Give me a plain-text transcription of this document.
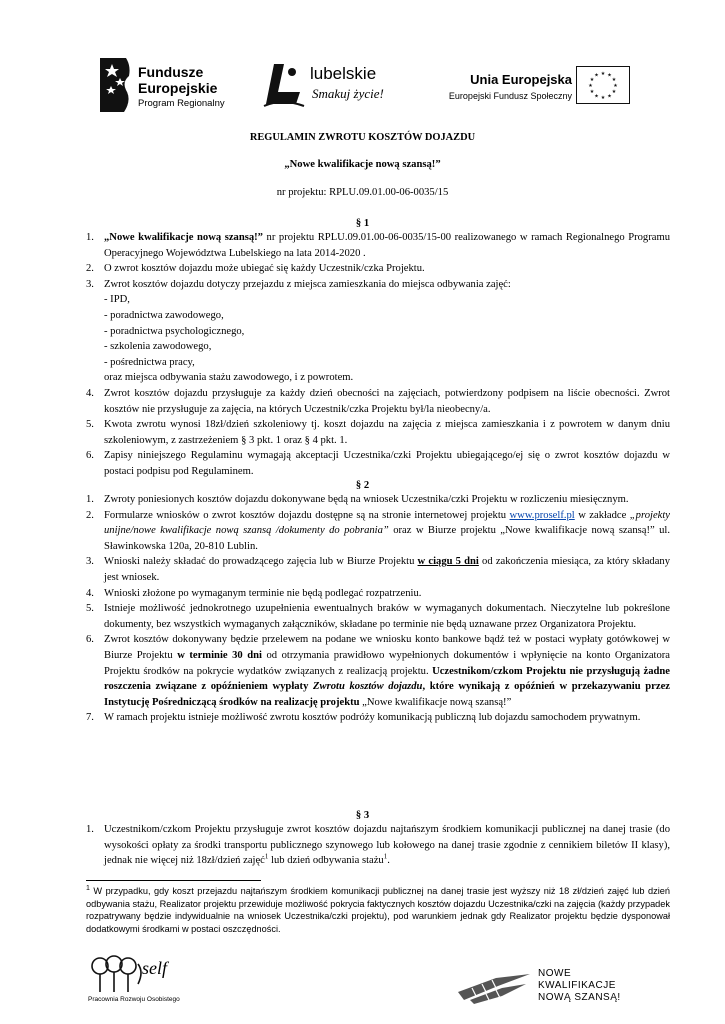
Fundusze
Europejskie
Program Regionalny
lubelskie
Smakuj życie!
Unia Europejska
Europejski Fundusz Społeczny
★ ★
★
★
★
★
★
★
★
★
★
★
REGULAMIN ZWROTU KOSZTÓW DOJAZDU
„Nowe kwalifikacje nową szansą!”
nr projektu: RPLU.09.01.00-06-0035/15
§ 1
1. „Nowe kwalifikacje nową szansą!” nr projektu RPLU.09.01.00-06-0035/15-00 realizowanego w ramach Regionalnego Programu Operacyjnego Województwa Lubelskiego na lata 2014-2020 .
2. O zwrot kosztów dojazdu może ubiegać się każdy Uczestnik/czka Projektu.
3. Zwrot kosztów dojazdu dotyczy przejazdu z miejsca zamieszkania do miejsca odbywania zajęć:
- IPD,
- poradnictwa zawodowego,
- poradnictwa psychologicznego,
- szkolenia zawodowego,
- pośrednictwa pracy,
oraz miejsca odbywania stażu zawodowego, i z powrotem.
4. Zwrot kosztów dojazdu przysługuje za każdy dzień obecności na zajęciach, potwierdzony podpisem na liście obecności. Zwrot kosztów nie przysługuje za zajęcia, na których Uczestnik/czka Projektu był/la nieobecny/a.
5. Kwota zwrotu wynosi 18zł/dzień szkoleniowy tj. koszt dojazdu na zajęcia z miejsca zamieszkania i z powrotem w danym dniu szkoleniowym, z zastrzeżeniem § 3 pkt. 1 oraz § 4 pkt. 1.
6. Zapisy niniejszego Regulaminu wymagają akceptacji Uczestnika/czki Projektu ubiegającego/ej się o zwrot kosztów dojazdu w postaci podpisu pod Regulaminem.
§ 2
1. Zwroty poniesionych kosztów dojazdu dokonywane będą na wniosek Uczestnika/czki Projektu w rozliczeniu miesięcznym.
2. Formularze wniosków o zwrot kosztów dojazdu dostępne są na stronie internetowej projektu www.proself.pl w zakładce „projekty unijne/nowe kwalifikacje nową szansą /dokumenty do pobrania” oraz w Biurze projektu „Nowe kwalifikacje nową szansą!” ul. Sławinkowska 120a, 20-810 Lublin.
3. Wnioski należy składać do prowadzącego zajęcia lub w Biurze Projektu w ciągu 5 dni od zakończenia miesiąca, za który składany jest wniosek.
4. Wnioski złożone po wymaganym terminie nie będą podlegać rozpatrzeniu.
5. Istnieje możliwość jednokrotnego uzupełnienia ewentualnych braków w wymaganych dokumentach. Nieczytelne lub pokreślone dokumenty, bez wszystkich wymaganych załączników, składane po terminie nie będą uznawane przez Organizatora Projektu.
6. Zwrot kosztów dokonywany będzie przelewem na podane we wniosku konto bankowe bądź też w postaci wypłaty gotówkowej w Biurze Projektu w terminie 30 dni od otrzymania prawidłowo wypełnionych dokumentów i wpłynięcie na konto Organizatora Projektu środków na pokrycie wydatków związanych z realizacją projektu. Uczestnikom/czkom Projektu nie przysługują żadne roszczenia związane z opóźnieniem wypłaty Zwrotu kosztów dojazdu, które wynikają z opóźnień w przekazywaniu przez Instytucję Pośredniczącą środków na realizację projektu „Nowe kwalifikacje nową szansą!”
7. W ramach projektu istnieje możliwość zwrotu kosztów podróży komunikacją publiczną lub dojazdu samochodem prywatnym.
§ 3
1. Uczestnikom/czkom Projektu przysługuje zwrot kosztów dojazdu najtańszym środkiem komunikacji publicznej na danej trasie (do wysokości opłaty za środki transportu publicznego szynowego lub kołowego na danej trasie zgodnie z cennikiem biletów II klasy), jednak nie więcej niż 18zł/dzień zajęć$^1$ lub dzień odbywania stażu$^1$.
$^1$ W przypadku, gdy koszt przejazdu najtańszym środkiem komunikacji publicznej na danej trasie jest wyższy niż 18 zł/dzień zajęć lub dzień odbywania stażu, Realizator projektu przewiduje możliwość pokrycia faktycznych kosztów dojazdu Uczestnika/czki na zajęcia (każdy przypadek rozpatrywany będzie indywidualnie na wniosek Uczestnika/czki projektu), pod warunkiem jednak gdy Realizator projektu będzie dysponował dodatkowymi środkami w postaci oszczędności.
self
Pracownia Rozwoju Osobistego
NOWE
KWALIFIKACJE
NOWĄ SZANSĄ!
